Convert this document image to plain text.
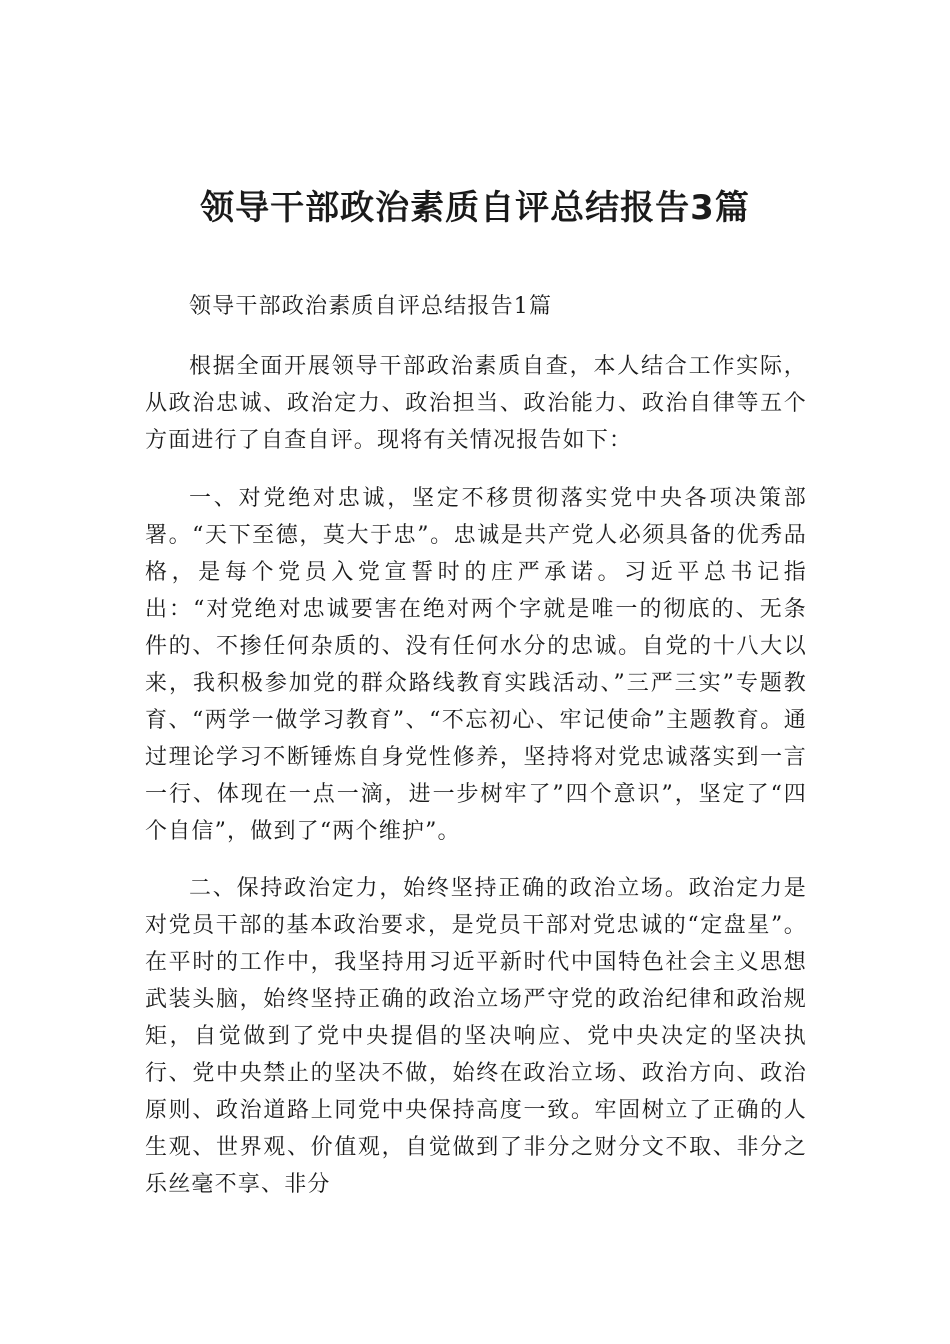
领导干部政治素质自评总结报告3篇

领导干部政治素质自评总结报告1篇

根据全面开展领导干部政治素质自查，本人结合工作实际，从政治忠诚、政治定力、政治担当、政治能力、政治自律等五个方面进行了自查自评。现将有关情况报告如下：

一、对党绝对忠诚，坚定不移贯彻落实党中央各项决策部署。“天下至德，莫大于忠”。忠诚是共产党人必须具备的优秀品格，是每个党员入党宣誓时的庄严承诺。习近平总书记指出：“对党绝对忠诚要害在绝对两个字就是唯一的彻底的、无条件的、不掺任何杂质的、没有任何水分的忠诚。自党的十八大以来，我积极参加党的群众路线教育实践活动、”三严三实”专题教育、“两学一做学习教育”、“不忘初心、牢记使命”主题教育。通过理论学习不断锤炼自身党性修养，坚持将对党忠诚落实到一言一行、体现在一点一滴，进一步树牢了”四个意识”，坚定了“四个自信”，做到了“两个维护”。

二、保持政治定力，始终坚持正确的政治立场。政治定力是对党员干部的基本政治要求，是党员干部对党忠诚的“定盘星”。在平时的工作中，我坚持用习近平新时代中国特色社会主义思想武装头脑，始终坚持正确的政治立场严守党的政治纪律和政治规矩，自觉做到了党中央提倡的坚决响应、党中央决定的坚决执行、党中央禁止的坚决不做，始终在政治立场、政治方向、政治原则、政治道路上同党中央保持高度一致。牢固树立了正确的人生观、世界观、价值观，自觉做到了非分之财分文不取、非分之乐丝毫不享、非分
